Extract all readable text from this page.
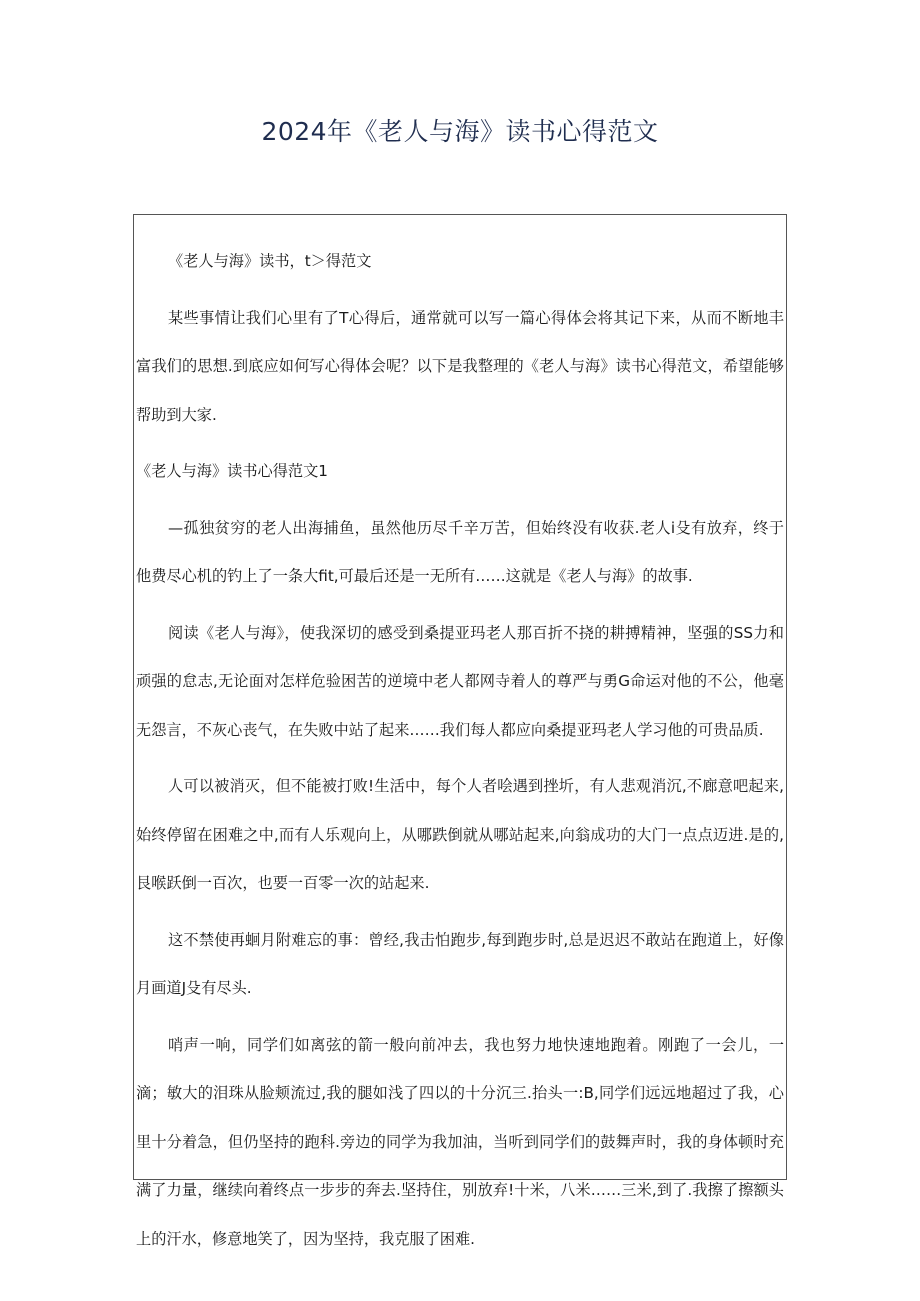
2024年《老人与海》读书心得范文

《老人与海》读书，t＞得范文

某些事情让我们心里有了T心得后，通常就可以写一篇心得体会将其记下来，从而不断地丰富我们的思想.到底应如何写心得体会呢？以下是我整理的《老人与海》读书心得范文，希望能够帮助到大家.

《老人与海》读书心得范文1

—孤独贫穷的老人出海捕鱼，虽然他历尽千辛万苦，但始终没有收获.老人i殳有放弃，终于他费尽心机的钓上了一条大fit,可最后还是一无所有……这就是《老人与海》的故事.

阅读《老人与海》，使我深切的感受到桑提亚玛老人那百折不挠的耕搏精神，坚强的SS力和顽强的怠志,无论面对怎样危验困苦的逆境中老人都网寺着人的尊严与勇G命运对他的不公，他毫无怨言，不灰心丧气，在失败中站了起来……我们每人都应向桑提亚玛老人学习他的可贵品质.

人可以被消灭，但不能被打败!生活中，每个人者哙遇到挫圻，有人悲观消沉,不廊意吧起来,始终停留在困难之中,而有人乐观向上，从哪跌倒就从哪站起来,向翁成功的大门一点点迈进.是的,艮喉跃倒一百次，也要一百零一次的站起来.

这不禁使再蛔月附难忘的事：曾经,我击怕跑步,每到跑步时,总是迟迟不敢站在跑道上，好像月画道J殳有尽头.

哨声一响，同学们如离弦的箭一般向前冲去，我也努力地快速地跑着。刚跑了一会儿，一滴；敏大的泪珠从脸颊流过,我的腿如浅了四以的十分沉三.抬头一:B,同学们远远地超过了我，心里十分着急，但仍坚持的跑科.旁边的同学为我加油，当听到同学们的鼓舞声时，我的身体顿时充满了力量，继续向着终点一步步的奔去.坚持住，别放弃!十米，八米……三米,到了.我擦了擦额头上的汗水，修意地笑了，因为坚持，我克服了困难.
